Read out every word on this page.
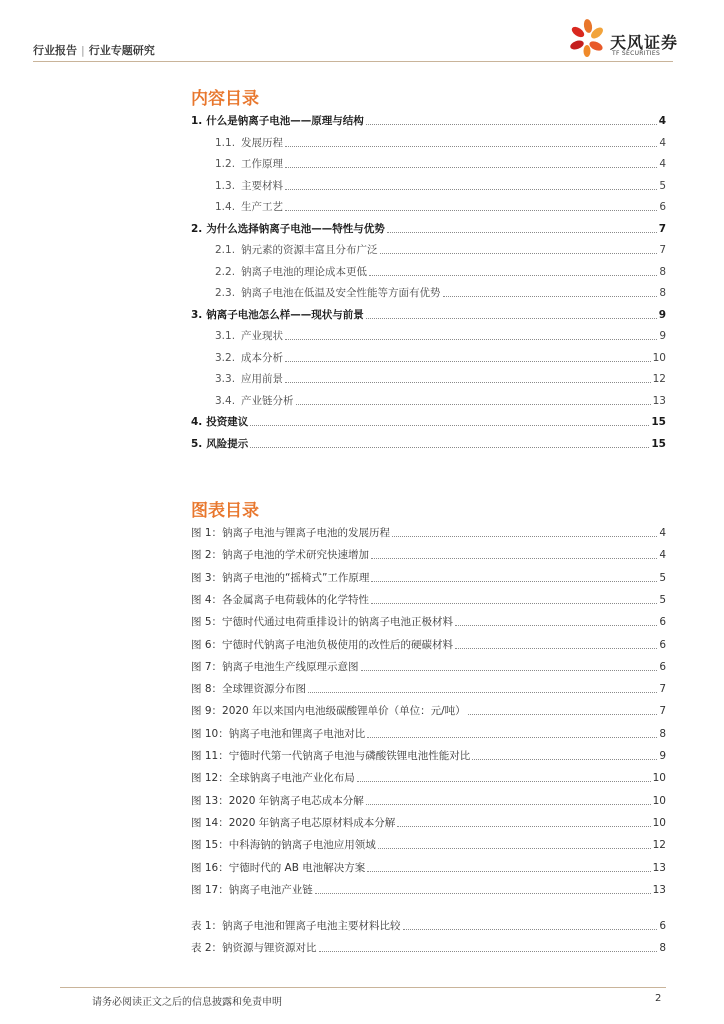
行业报告 | 行业专题研究	天风证券
TF SECURITIES
内容目录
1. 什么是钠离子电池——原理与结构	4
1.1. 发展历程	4
1.2. 工作原理	4
1.3. 主要材料	5
1.4. 生产工艺	6
2. 为什么选择钠离子电池——特性与优势	7
2.1. 钠元素的资源丰富且分布广泛	7
2.2. 钠离子电池的理论成本更低	8
2.3. 钠离子电池在低温及安全性能等方面有优势	8
3. 钠离子电池怎么样——现状与前景	9
3.1. 产业现状	9
3.2. 成本分析	10
3.3. 应用前景	12
3.4. 产业链分析	13
4. 投资建议	15
5. 风险提示	15
图表目录
图 1：钠离子电池与锂离子电池的发展历程	4
图 2：钠离子电池的学术研究快速增加	4
图 3：钠离子电池的“摇椅式”工作原理	5
图 4：各金属离子电荷载体的化学特性	5
图 5：宁德时代通过电荷重排设计的钠离子电池正极材料	6
图 6：宁德时代钠离子电池负极使用的改性后的硬碳材料	6
图 7：钠离子电池生产线原理示意图	6
图 8：全球锂资源分布图	7
图 9：2020 年以来国内电池级碳酸锂单价（单位：元/吨）	7
图 10：钠离子电池和锂离子电池对比	8
图 11：宁德时代第一代钠离子电池与磷酸铁锂电池性能对比	9
图 12：全球钠离子电池产业化布局	10
图 13：2020 年钠离子电芯成本分解	10
图 14：2020 年钠离子电芯原材料成本分解	10
图 15：中科海钠的钠离子电池应用领域	12
图 16：宁德时代的 AB 电池解决方案	13
图 17：钠离子电池产业链	13
表 1：钠离子电池和锂离子电池主要材料比较	6
表 2：钠资源与锂资源对比	8
请务必阅读正文之后的信息披露和免责申明	2
